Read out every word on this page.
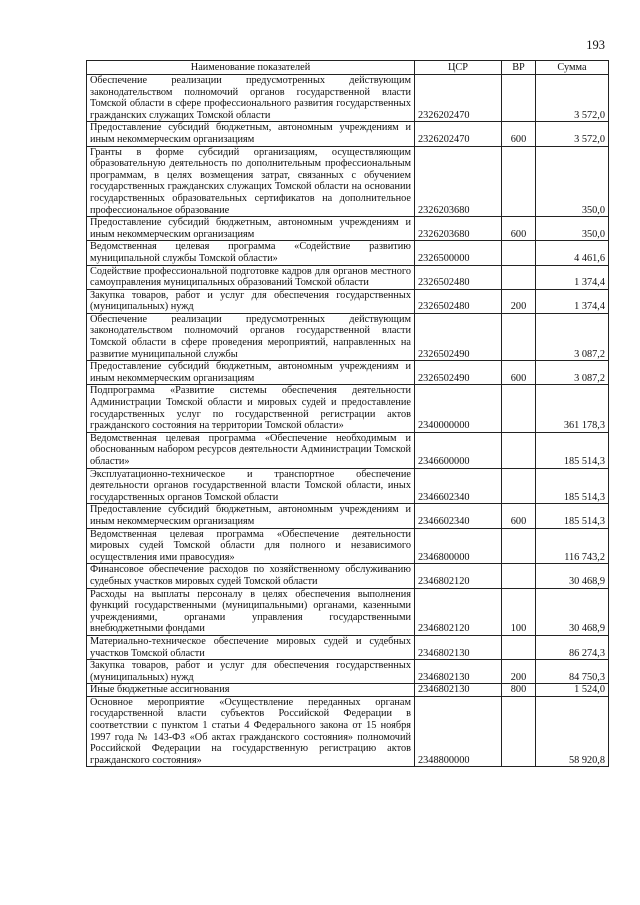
193
Наименование показателей	ЦСР	ВР	Сумма
Обеспечение реализации предусмотренных действующим законодательством полномочий органов государственной власти Томской области в сфере профессионального развития государственных гражданских служащих Томской области	2326202470		3 572,0
Предоставление субсидий бюджетным, автономным учреждениям и иным некоммерческим организациям	2326202470	600	3 572,0
Гранты в форме субсидий организациям, осуществляющим образовательную деятельность по дополнительным профессиональным программам, в целях возмещения затрат, связанных с обучением государственных гражданских служащих Томской области на основании государственных образовательных сертификатов на дополнительное профессиональное образование	2326203680		350,0
Предоставление субсидий бюджетным, автономным учреждениям и иным некоммерческим организациям	2326203680	600	350,0
Ведомственная целевая программа «Содействие развитию муниципальной службы Томской области»	2326500000		4 461,6
Содействие профессиональной подготовке кадров для органов местного самоуправления муниципальных образований Томской области	2326502480		1 374,4
Закупка товаров, работ и услуг для обеспечения государственных (муниципальных) нужд	2326502480	200	1 374,4
Обеспечение реализации предусмотренных действующим законодательством полномочий органов государственной власти Томской области в сфере проведения мероприятий, направленных на развитие муниципальной службы	2326502490		3 087,2
Предоставление субсидий бюджетным, автономным учреждениям и иным некоммерческим организациям	2326502490	600	3 087,2
Подпрограмма «Развитие системы обеспечения деятельности Администрации Томской области и мировых судей и предоставление государственных услуг по государственной регистрации актов гражданского состояния на территории Томской области»	2340000000		361 178,3
Ведомственная целевая программа «Обеспечение необходимым и обоснованным набором ресурсов деятельности Администрации Томской области»	2346600000		185 514,3
Эксплуатационно-техническое и транспортное обеспечение деятельности органов государственной власти Томской области, иных государственных органов Томской области	2346602340		185 514,3
Предоставление субсидий бюджетным, автономным учреждениям и иным некоммерческим организациям	2346602340	600	185 514,3
Ведомственная целевая программа «Обеспечение деятельности мировых судей Томской области для полного и независимого осуществления ими правосудия»	2346800000		116 743,2
Финансовое обеспечение расходов по хозяйственному обслуживанию судебных участков мировых судей Томской области	2346802120		30 468,9
Расходы на выплаты персоналу в целях обеспечения выполнения функций государственными (муниципальными) органами, казенными учреждениями, органами управления государственными внебюджетными фондами	2346802120	100	30 468,9
Материально-техническое обеспечение мировых судей и судебных участков Томской области	2346802130		86 274,3
Закупка товаров, работ и услуг для обеспечения государственных (муниципальных) нужд	2346802130	200	84 750,3
Иные бюджетные ассигнования	2346802130	800	1 524,0
Основное мероприятие «Осуществление переданных органам государственной власти субъектов Российской Федерации в соответствии с пунктом 1 статьи 4 Федерального закона от 15 ноября 1997 года № 143-ФЗ «Об актах гражданского состояния» полномочий Российской Федерации на государственную регистрацию актов гражданского состояния»	2348800000		58 920,8
